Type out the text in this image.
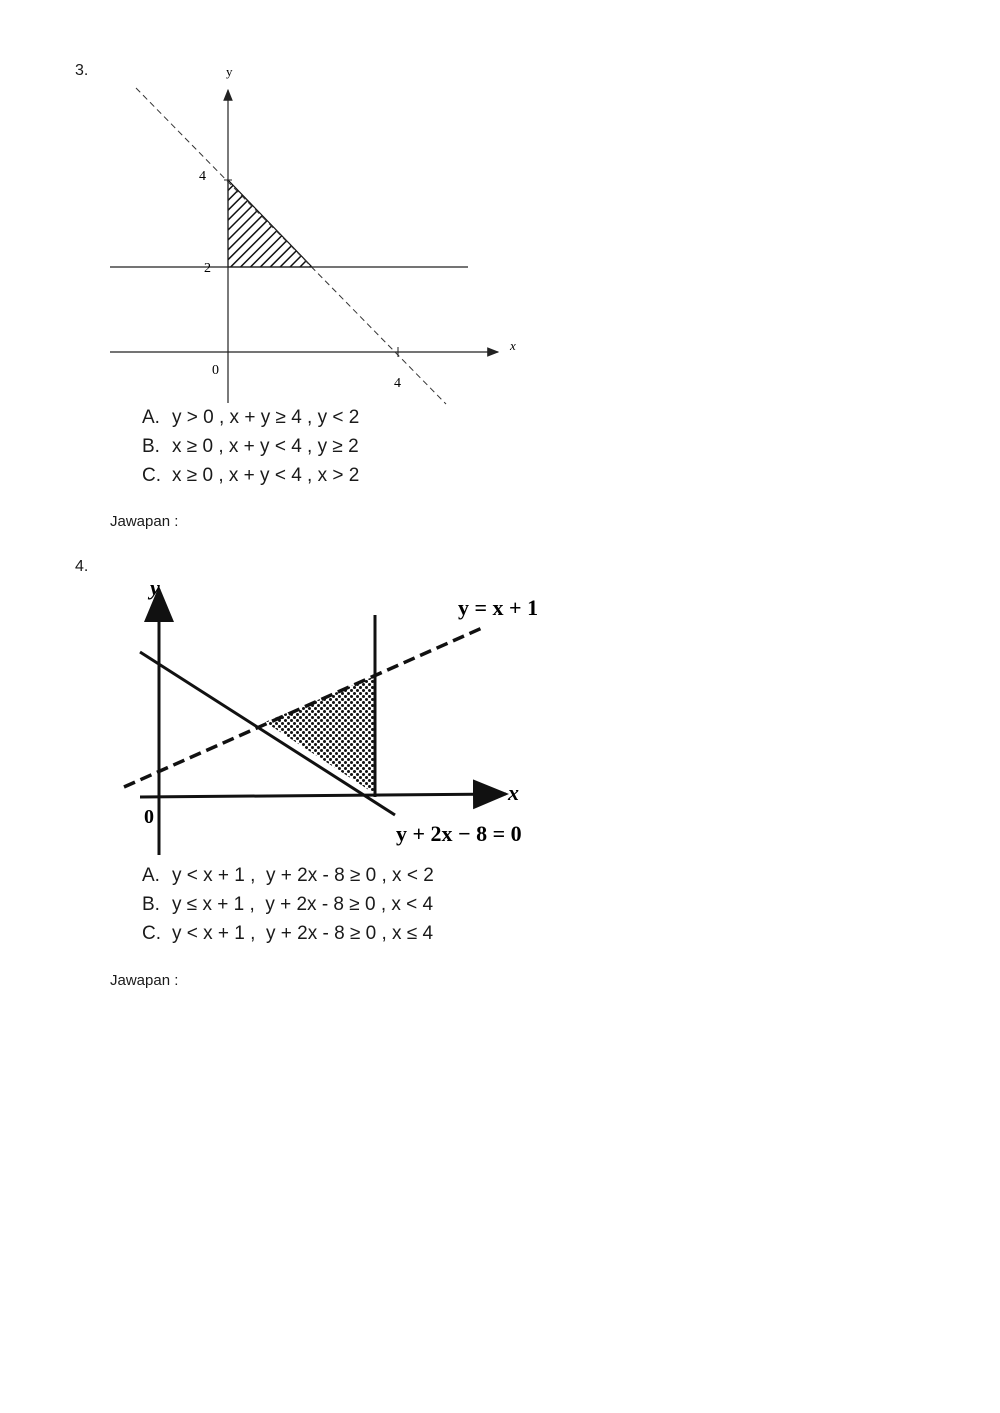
3.	y
x
0
4
4
2
A. y > 0 , x + y ≥ 4 , y < 2
B. x ≥ 0 , x + y < 4 , y ≥ 2
C. x ≥ 0 , x + y < 4 , x > 2
Jawapan :
4.
y
x
0
y = x + 1
y + 2x − 8 = 0
A. y < x + 1 ,  y + 2x - 8 ≥ 0 , x < 2
B. y ≤ x + 1 ,  y + 2x - 8 ≥ 0 , x < 4
C. y < x + 1 ,  y + 2x - 8 ≥ 0 , x ≤ 4
Jawapan :
